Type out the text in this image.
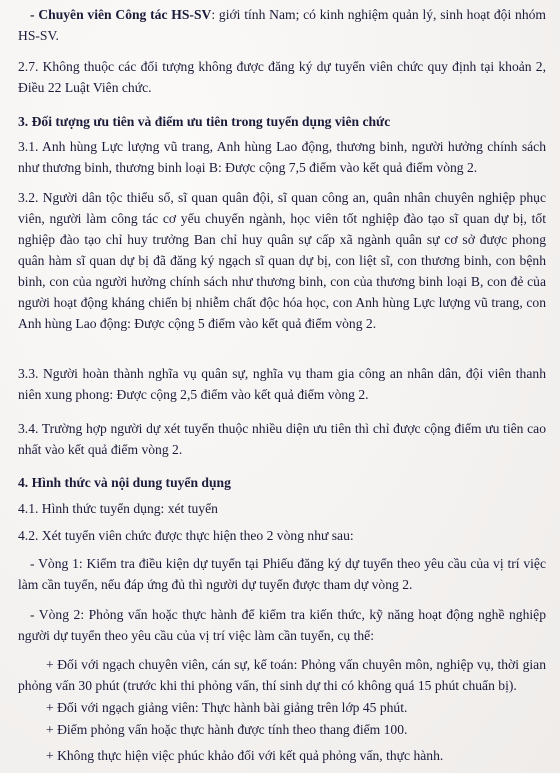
- Chuyên viên Công tác HS-SV: giới tính Nam; có kinh nghiệm quản lý, sinh hoạt đội nhóm HS-SV.
2.7. Không thuộc các đối tượng không được đăng ký dự tuyển viên chức quy định tại khoản 2, Điều 22 Luật Viên chức.
3. Đối tượng ưu tiên và điểm ưu tiên trong tuyển dụng viên chức
3.1. Anh hùng Lực lượng vũ trang, Anh hùng Lao động, thương binh, người hưởng chính sách như thương binh, thương binh loại B: Được cộng 7,5 điểm vào kết quả điểm vòng 2.
3.2. Người dân tộc thiểu số, sĩ quan quân đội, sĩ quan công an, quân nhân chuyên nghiệp phục viên, người làm công tác cơ yếu chuyển ngành, học viên tốt nghiệp đào tạo sĩ quan dự bị, tốt nghiệp đào tạo chỉ huy trưởng Ban chỉ huy quân sự cấp xã ngành quân sự cơ sở được phong quân hàm sĩ quan dự bị đã đăng ký ngạch sĩ quan dự bị, con liệt sĩ, con thương binh, con bệnh binh, con của người hưởng chính sách như thương binh, con của thương binh loại B, con đẻ của người hoạt động kháng chiến bị nhiễm chất độc hóa học, con Anh hùng Lực lượng vũ trang, con Anh hùng Lao động: Được cộng 5 điểm vào kết quả điểm vòng 2.
3.3. Người hoàn thành nghĩa vụ quân sự, nghĩa vụ tham gia công an nhân dân, đội viên thanh niên xung phong: Được cộng 2,5 điểm vào kết quả điểm vòng 2.
3.4. Trường hợp người dự xét tuyển thuộc nhiều diện ưu tiên thì chỉ được cộng điểm ưu tiên cao nhất vào kết quả điểm vòng 2.
4. Hình thức và nội dung tuyển dụng
4.1. Hình thức tuyển dụng: xét tuyển
4.2. Xét tuyển viên chức được thực hiện theo 2 vòng như sau:
- Vòng 1: Kiểm tra điều kiện dự tuyển tại Phiếu đăng ký dự tuyển theo yêu cầu của vị trí việc làm cần tuyển, nếu đáp ứng đủ thì người dự tuyển được tham dự vòng 2.
- Vòng 2: Phỏng vấn hoặc thực hành để kiểm tra kiến thức, kỹ năng hoạt động nghề nghiệp người dự tuyển theo yêu cầu của vị trí việc làm cần tuyển, cụ thể:
+ Đối với ngạch chuyên viên, cán sự, kế toán: Phỏng vấn chuyên môn, nghiệp vụ, thời gian phỏng vấn 30 phút (trước khi thi phỏng vấn, thí sinh dự thi có không quá 15 phút chuẩn bị).
+ Đối với ngạch giảng viên: Thực hành bài giảng trên lớp 45 phút.
+ Điểm phỏng vấn hoặc thực hành được tính theo thang điểm 100.
+ Không thực hiện việc phúc khảo đối với kết quả phỏng vấn, thực hành.
